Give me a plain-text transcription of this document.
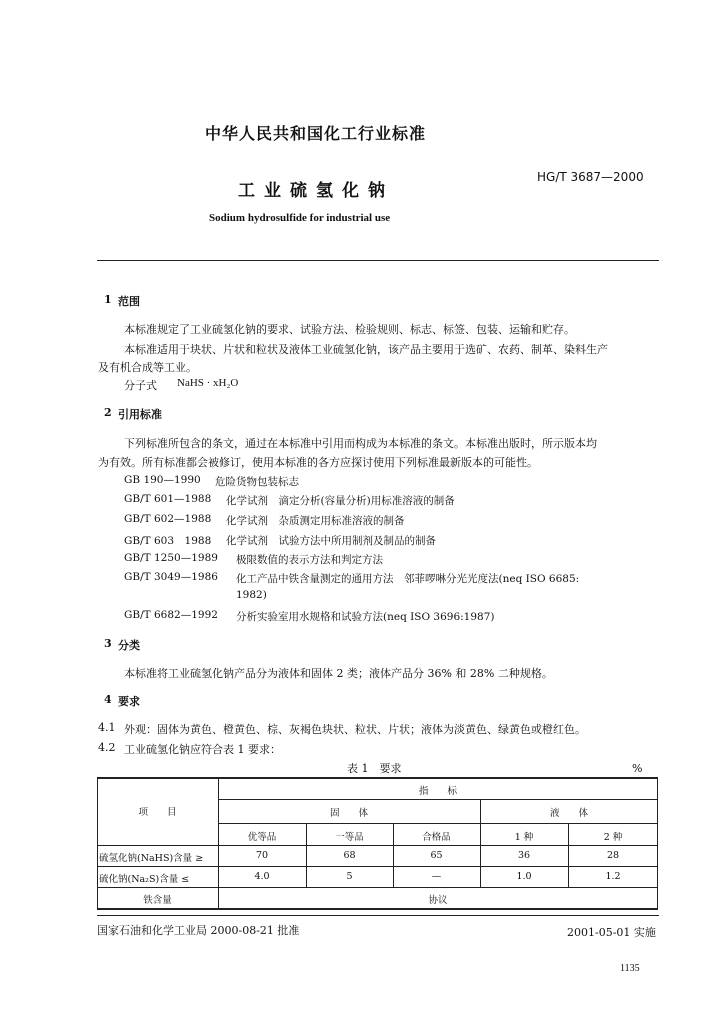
中华人民共和国化工行业标准
工业硫氢化钠
HG/T 3687—2000
Sodium hydrosulfide for industrial use
1 范围
本标准规定了工业硫氢化钠的要求、试验方法、检验规则、标志、标签、包装、运输和贮存。
本标准适用于块状、片状和粒状及液体工业硫氢化钠，该产品主要用于选矿、农药、制革、染料生产
及有机合成等工业。
分子式 NaHS · xH₂O
2 引用标准
下列标准所包含的条文，通过在本标准中引用而构成为本标准的条文。本标准出版时，所示版本均
为有效。所有标准都会被修订，使用本标准的各方应探讨使用下列标准最新版本的可能性。
GB 190—1990 危险货物包装标志
GB/T 601—1988 化学试剂　滴定分析(容量分析)用标准溶液的制备
GB/T 602—1988 化学试剂　杂质测定用标准溶液的制备
GB/T 603　1988 化学试剂　试验方法中所用制剂及制品的制备
GB/T 1250—1989 极限数值的表示方法和判定方法
GB/T 3049—1986 化工产品中铁含量测定的通用方法　邻菲啰啉分光光度法(neq ISO 6685:
1982)
GB/T 6682—1992 分析实验室用水规格和试验方法(neq ISO 3696:1987)
3 分类
本标准将工业硫氢化钠产品分为液体和固体 2 类；液体产品分 36% 和 28% 二种规格。
4 要求
4.1 外观：固体为黄色、橙黄色、棕、灰褐色块状、粒状、片状；液体为淡黄色、绿黄色或橙红色。
4.2 工业硫氢化钠应符合表 1 要求：
表 1　要求	%
项　　目
指　　标
固　　体	液　　体
优等品	一等品	合格品	1 种	2 种
硫氢化钠(NaHS)含量 ≥	70	68	65	36	28
硫化钠(Na₂S)含量 ≤	4.0	5	—	1.0	1.2
铁含量	协议
国家石油和化学工业局 2000-08-21 批准	2001-05-01 实施
1135
